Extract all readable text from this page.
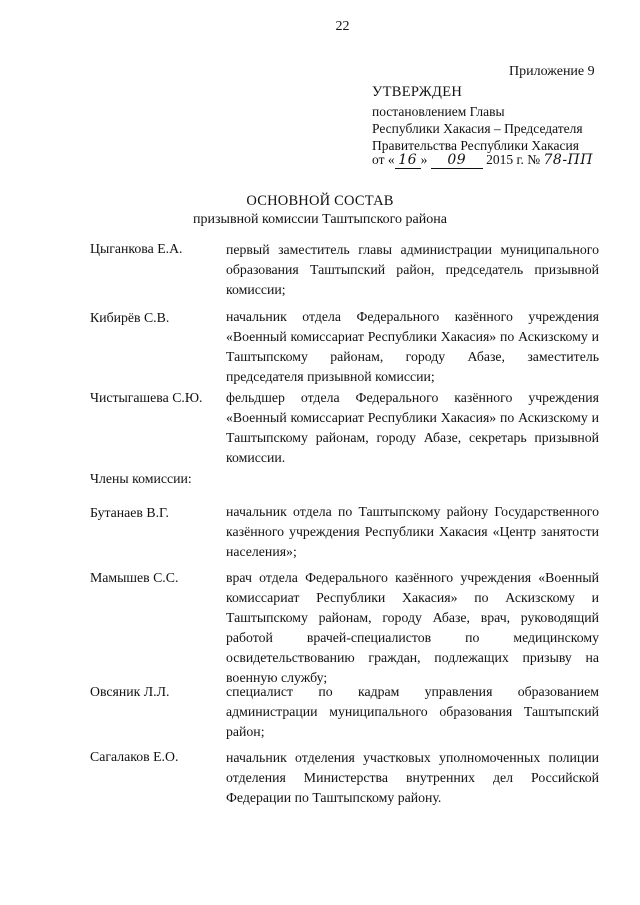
22
Приложение 9
УТВЕРЖДЕН
постановлением Главы
Республики Хакасия – Председателя
Правительства Республики Хакасия
от « 16 » 09 2015 г. № 78-ПП
ОСНОВНОЙ СОСТАВ
призывной комиссии Таштыпского района
Цыганкова Е.А.	первый заместитель главы администрации муниципального образования Таштыпский район, председатель призывной комиссии;
Кибирёв С.В.	начальник отдела Федерального казённого учреждения «Военный комиссариат Республики Хакасия» по Аскизскому и Таштыпскому районам, городу Абазе, заместитель председателя призывной комиссии;
Чистыгашева С.Ю. фельдшер отдела Федерального казённого учреждения «Военный комиссариат Республики Хакасия» по Аскизскому и Таштыпскому районам, городу Абазе, секретарь призывной комиссии.
Члены комиссии:
Бутанаев В.Г.	начальник отдела по Таштыпскому району Государственного казённого учреждения Республики Хакасия «Центр занятости населения»;
Мамышев С.С.	врач отдела Федерального казённого учреждения «Военный комиссариат Республики Хакасия» по Аскизскому и Таштыпскому районам, городу Абазе, врач, руководящий работой врачей-специалистов по медицинскому освидетельствованию граждан, подлежащих призыву на военную службу;
Овсяник Л.Л.	специалист по кадрам управления образованием администрации муниципального образования Таштыпский район;
Сагалаков Е.О.	начальник отделения участковых уполномоченных полиции отделения Министерства внутренних дел Российской Федерации по Таштыпскому району.
